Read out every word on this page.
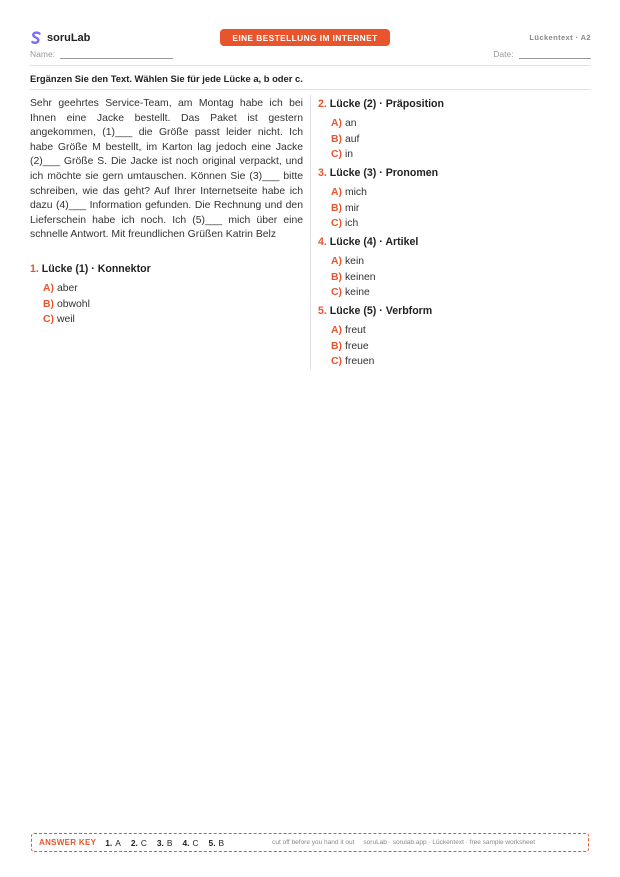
soruLab	EINE BESTELLUNG IM INTERNET	Lückentext · A2
Name:	Date:
Ergänzen Sie den Text. Wählen Sie für jede Lücke a, b oder c.

Sehr geehrtes Service-Team, am Montag habe ich bei Ihnen eine Jacke bestellt. Das Paket ist gestern angekommen, (1)___ die Größe passt leider nicht. Ich habe Größe M bestellt, im Karton lag jedoch eine Jacke (2)___ Größe S. Die Jacke ist noch original verpackt, und ich möchte sie gern umtauschen. Können Sie (3)___ bitte schreiben, wie das geht? Auf Ihrer Internetseite habe ich dazu (4)___ Information gefunden. Die Rechnung und den Lieferschein habe ich noch. Ich (5)___ mich über eine schnelle Antwort. Mit freundlichen Grüßen Katrin Belz

1. Lücke (1) · Konnektor
A) aber
B) obwohl
C) weil
2. Lücke (2) · Präposition
A) an
B) auf
C) in
3. Lücke (3) · Pronomen
A) mich
B) mir
C) ich
4. Lücke (4) · Artikel
A) kein
B) keinen
C) keine
5. Lücke (5) · Verbform
A) freut
B) freue
C) freuen
ANSWER KEY 1. A 2. C 3. B 4. C 5. B	cut off before you hand it out soruLab · sorulab.app · Lückentext · free sample worksheet
